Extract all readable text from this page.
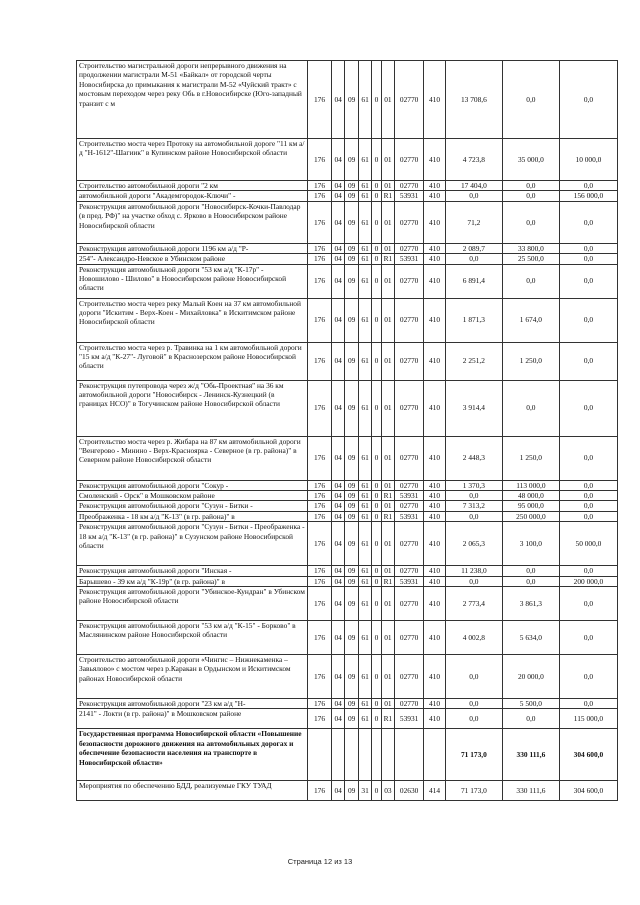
Строительство магистральной дороги непрерывного движения на продолжении магистрали М-51 «Байкал» от городской черты Новосибирска до примыкания к магистрали М-52 «Чуйский тракт» с мостовым переходом через реку Обь в г.Новосибирске (Юго-западный транзит с м	176	04	09	61	0	01	02770	410	13 708,6	0,0	0,0
Строительство моста через Протоку на автомобильной дороге "11 км а/д "Н-1612"-Шагиик" в Купинском районе Новосибирской области	176	04	09	61	0	01	02770	410	4 723,8	35 000,0	10 000,0
Строительство автомобильной дороги "2 км	176	04	09	61	0	01	02770	410	17 404,0	0,0	0,0
автомобильной дороги "Академгородок-Ключи" -	176	04	09	61	0	R1	53931	410	0,0	0,0	156 000,0
Реконструкция автомобильной дороги "Новосибирск-Кочки-Павлодар (в пред. РФ)" на участке обход с. Ярково в Новосибирском районе Новосибирской области	176	04	09	61	0	01	02770	410	71,2	0,0	0,0
Реконструкция автомобильной дороги 1196 км а/д "Р-	176	04	09	61	0	01	02770	410	2 089,7	33 800,0	0,0
254"- Александро-Невское в Убинском районе	176	04	09	61	0	R1	53931	410	0,0	25 500,0	0,0
Реконструкция автомобильной дороги "53 км а/д "К-17р" - Новошилово - Шилово" в Новосибирском районе Новосибирской области	176	04	09	61	0	01	02770	410	6 891,4	0,0	0,0
Строительство моста через реку Малый Коен на 37 км автомобильной дороги "Искитим - Верх-Коен - Михайловка" в Искитимском районе Новосибирской области	176	04	09	61	0	01	02770	410	1 871,3	1 674,0	0,0
Строительство моста через р. Травинка на 1 км автомобильной дороги "15 км а/д "К-27"- Луговой" в Краснозерском районе Новосибирской области	176	04	09	61	0	01	02770	410	2 251,2	1 250,0	0,0
Реконструкция путепровода через ж/д "Обь-Проектная" на 36 км автомобильной дороги "Новосибирск - Ленинск-Кузнецкий (в границах НСО)" в Тогучинском районе Новосибирской области	176	04	09	61	0	01	02770	410	3 914,4	0,0	0,0
Строительство моста через р. Жибара на 87 км автомобильной дороги "Венгерово - Минино - Верх-Красноярка - Северное (в гр. района)" в Северном районе Новосибирской области	176	04	09	61	0	01	02770	410	2 448,3	1 250,0	0,0
Реконструкция автомобильной дороги "Сокур -	176	04	09	61	0	01	02770	410	1 370,3	113 000,0	0,0
Смоленский - Орск" в Мошковском районе	176	04	09	61	0	R1	53931	410	0,0	48 000,0	0,0
Реконструкция автомобильной дороги "Сузун - Битки -	176	04	09	61	0	01	02770	410	7 313,2	95 000,0	0,0
Преображенка - 18 км а/д "К-13" (в гр. района)" в	176	04	09	61	0	R1	53931	410	0,0	250 000,0	0,0
Реконструкция автомобильной дороги "Сузун - Битки - Преображенка - 18 км а/д "К-13" (в гр. района)" в Сузунском районе Новосибирской области	176	04	09	61	0	01	02770	410	2 065,3	3 100,0	50 000,0
Реконструкция автомобильной дороги "Инская -	176	04	09	61	0	01	02770	410	11 238,0	0,0	0,0
Барышево - 39 км а/д "К-19р" (в гр. района)" в	176	04	09	61	0	R1	53931	410	0,0	0,0	200 000,0
Реконструкция автомобильной дороги "Убинское-Кундран" в Убинском районе Новосибирской области	176	04	09	61	0	01	02770	410	2 773,4	3 861,3	0,0
Реконструкция автомобильной дороги "53 км а/д "К-15" - Борково" в Маслянинском районе Новосибирской области	176	04	09	61	0	01	02770	410	4 002,8	5 634,0	0,0
Строительство автомобильной дороги «Чингис – Нижнекаменка – Завьялово» с мостом через р.Каракан в Ордынском и Искитимском районах Новосибирской области	176	04	09	61	0	01	02770	410	0,0	20 000,0	0,0
Реконструкция автомобильной дороги "23 км а/д "Н-	176	04	09	61	0	01	02770	410	0,0	5 500,0	0,0
2141" - Локти (в гр. района)" в Мошковском районе	176	04	09	61	0	R1	53931	410	0,0	0,0	115 000,0
Государственная программа Новосибирской области «Повышение безопасности дорожного движения на автомобильных дорогах и обеспечение безопасности населения на транспорте в Новосибирской области»									71 173,0	330 111,6	304 600,0
Мероприятия по обеспечению БДД, реализуемые ГКУ ТУАД	176	04	09	31	0	03	02630	414	71 173,0	330 111,6	304 600,0
Страница 12 из 13
